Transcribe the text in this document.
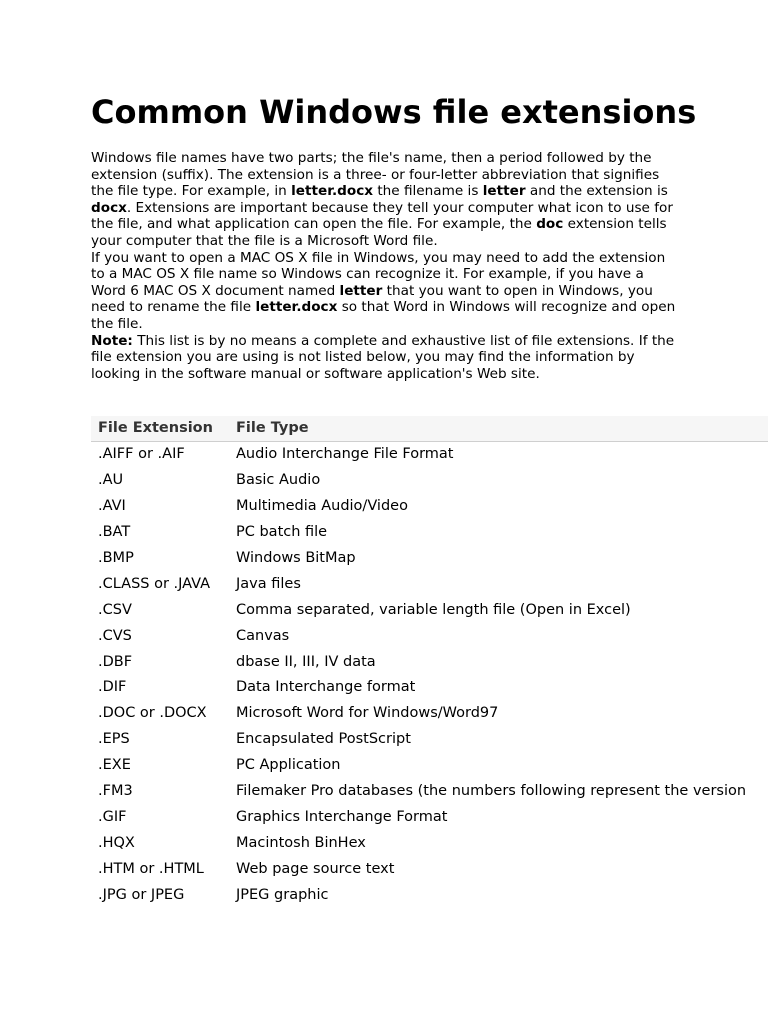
Common Windows file extensions

Windows file names have two parts; the file's name, then a period followed by the extension (suffix). The extension is a three- or four-letter abbreviation that signifies the file type. For example, in letter.docx the filename is letter and the extension is docx. Extensions are important because they tell your computer what icon to use for the file, and what application can open the file. For example, the doc extension tells your computer that the file is a Microsoft Word file.

If you want to open a MAC OS X file in Windows, you may need to add the extension to a MAC OS X file name so Windows can recognize it. For example, if you have a Word 6 MAC OS X document named letter that you want to open in Windows, you need to rename the file letter.docx so that Word in Windows will recognize and open the file.

Note: This list is by no means a complete and exhaustive list of file extensions. If the file extension you are using is not listed below, you may find the information by looking in the software manual or software application's Web site.

File Extension	File Type
.AIFF or .AIF	Audio Interchange File Format
.AU	Basic Audio
.AVI	Multimedia Audio/Video
.BAT	PC batch file
.BMP	Windows BitMap
.CLASS or .JAVA	Java files
.CSV	Comma separated, variable length file (Open in Excel)
.CVS	Canvas
.DBF	dbase II, III, IV data
.DIF	Data Interchange format
.DOC or .DOCX	Microsoft Word for Windows/Word97
.EPS	Encapsulated PostScript
.EXE	PC Application
.FM3	Filemaker Pro databases (the numbers following represent the version
.GIF	Graphics Interchange Format
.HQX	Macintosh BinHex
.HTM or .HTML	Web page source text
.JPG or JPEG	JPEG graphic
